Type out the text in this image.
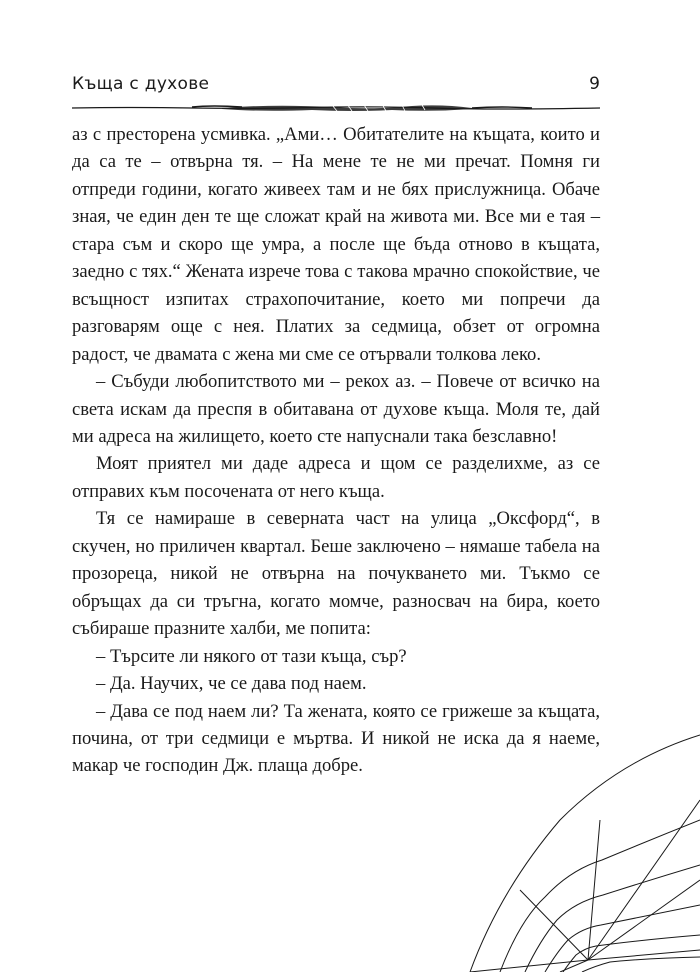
Къща с духове	9

аз с престорена усмивка. „Ами… Обитателите на къщата, които и да са те – отвърна тя. – На мене те не ми пречат. Помня ги отпреди години, когато живеех там и не бях прислужница. Обаче зная, че един ден те ще сложат край на живота ми. Все ми е тая – стара съм и скоро ще умра, а после ще бъда отново в къщата, заедно с тях.“ Жената изрече това с такова мрачно спокойствие, че всъщност изпитах страхопочитание, което ми попречи да разговарям още с нея. Платих за седмица, обзет от огромна радост, че двамата с жена ми сме се отървали толкова леко.

– Събуди любопитството ми – рекох аз. – Повече от всичко на света искам да преспя в обитавана от духове къща. Моля те, дай ми адреса на жилището, което сте напуснали така безславно!

Моят приятел ми даде адреса и щом се разделихме, аз се отправих към посочената от него къща.

Тя се намираше в северната част на улица „Оксфорд“, в скучен, но приличен квартал. Беше заключено – нямаше табела на прозореца, никой не отвърна на почукването ми. Тъкмо се обръщах да си тръгна, когато момче, разносвач на бира, което събираше празните халби, ме попита:

– Търсите ли някого от тази къща, сър?

– Да. Научих, че се дава под наем.

– Дава се под наем ли? Та жената, която се грижеше за къщата, почина, от три седмици е мъртва. И никой не иска да я наеме, макар че господин Дж. плаща добре.
